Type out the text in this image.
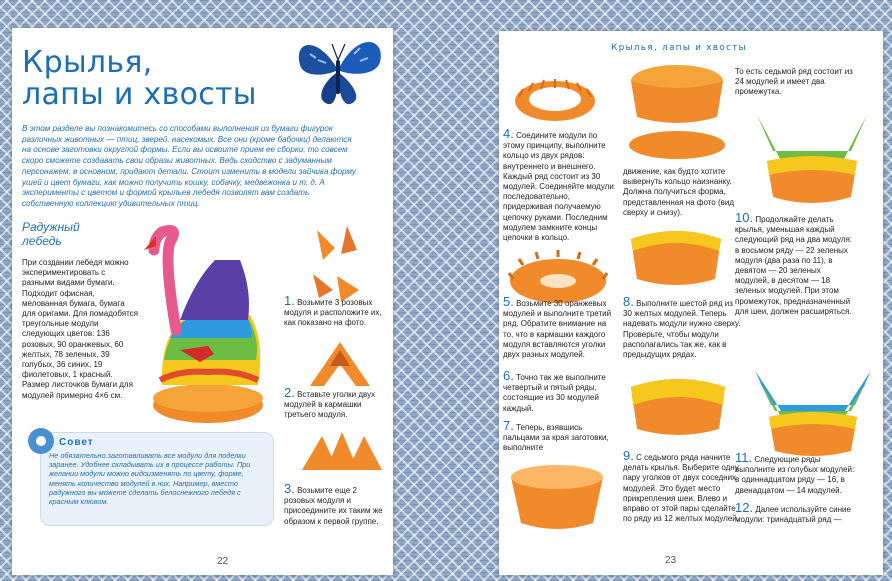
Крылья,
лапы и хвосты
В этом разделе вы познакомитесь со способами выполнения из бумаги фигурок различных животных — птиц, зверей, насекомых. Все они (кроме бабочки) делаются на основе заготовки округлой формы. Если вы освоите прием ее сборки, то совсем скоро сможете создавать свои образы животных. Ведь сходство с задуманным персонажем, в основном, придают детали. Стоит изменить в модели зайчика форму ушей и цвет бумаги, как можно получить кошку, собачку, медвежонка и т. д. А эксперименты с цветом и формой крыльев лебедя позволят вам создать собственную коллекцию удивительных птиц.
Радужный
лебедь
При создании лебедя можно экспериментировать с разными видами бумаги. Подходит офисная, мелованная бумага, бумага для оригами. Для помадобятся треугольные модули следующих цветов: 136 розовых, 90 оранжевых, 60 желтых, 78 зеленых, 39 голубых, 36 синих, 19 фиолетовых, 1 красный. Размер листочков бумаги для модулей примерно 4×6 см.
1. Возьмите 3 розовых модуля и расположите их, как показано на фото.
2. Вставьте уголки двух модулей в кармашки третьего модуля.
3. Возьмите еще 2 розовых модуля и присоедините их таким же образом к первой группе.
Совет
Не обязательно заготавливать все модули для поделки заранее. Удобнее складывать их в процессе работы. При желании модули можно видоизменять по цвету, форме, менять количество модулей в них. Например, вместо радужного вы можете сделать белоснежного лебедя с красным клювом.
22
Крылья, лапы и хвосты
4. Соедините модули по этому принципу, выполните кольцо из двух рядов: внутреннего и внешнего. Каждый ряд состоит из 30 модулей. Соединяйте модули последовательно, придерживая получаемую цепочку руками. Последним модулем замкните концы цепочки в кольцо.
5. Возьмите 30 оранжевых модулей и выполните третий ряд. Обратите внимание на то, что в кармашки каждого модуля вставляются уголки двух разных модулей.
6. Точно так же выполните четвертый и пятый ряды, состоящие из 30 модулей каждый.
7. Теперь, взявшись пальцами за края заготовки, выполните
движение, как будто хотите вывернуть кольцо наизнанку. Должна получиться форма, представленная на фото (вид сверху и снизу).
8. Выполните шестой ряд из 30 желтых модулей. Теперь надевать модули нужно сверху. Проверьте, чтобы модули располагались так же, как в предыдущих рядах.
9. С седьмого ряда начните делать крылья. Выберите одну пару уголков от двух соседних модулей. Это будет место прикрепления шеи. Влево и вправо от этой пары сделайте по ряду из 12 желтых модулей.
То есть седьмой ряд состоит из 24 модулей и имеет два промежутка.
10. Продолжайте делать крылья, уменьшая каждый следующий ряд на два модуля: в восьмом ряду — 22 зеленых модуля (два раза по 11), в девятом — 20 зеленых модулей, в десятом — 18 зеленых модулей. При этом промежуток, предназначенный для шеи, должен расширяться.
11. Следующие ряды выполните из голубых модулей: в одиннадцатом ряду — 16, в двенадцатом — 14 модулей.
12. Далее используйте синие модули: тринадцатый ряд —
23
